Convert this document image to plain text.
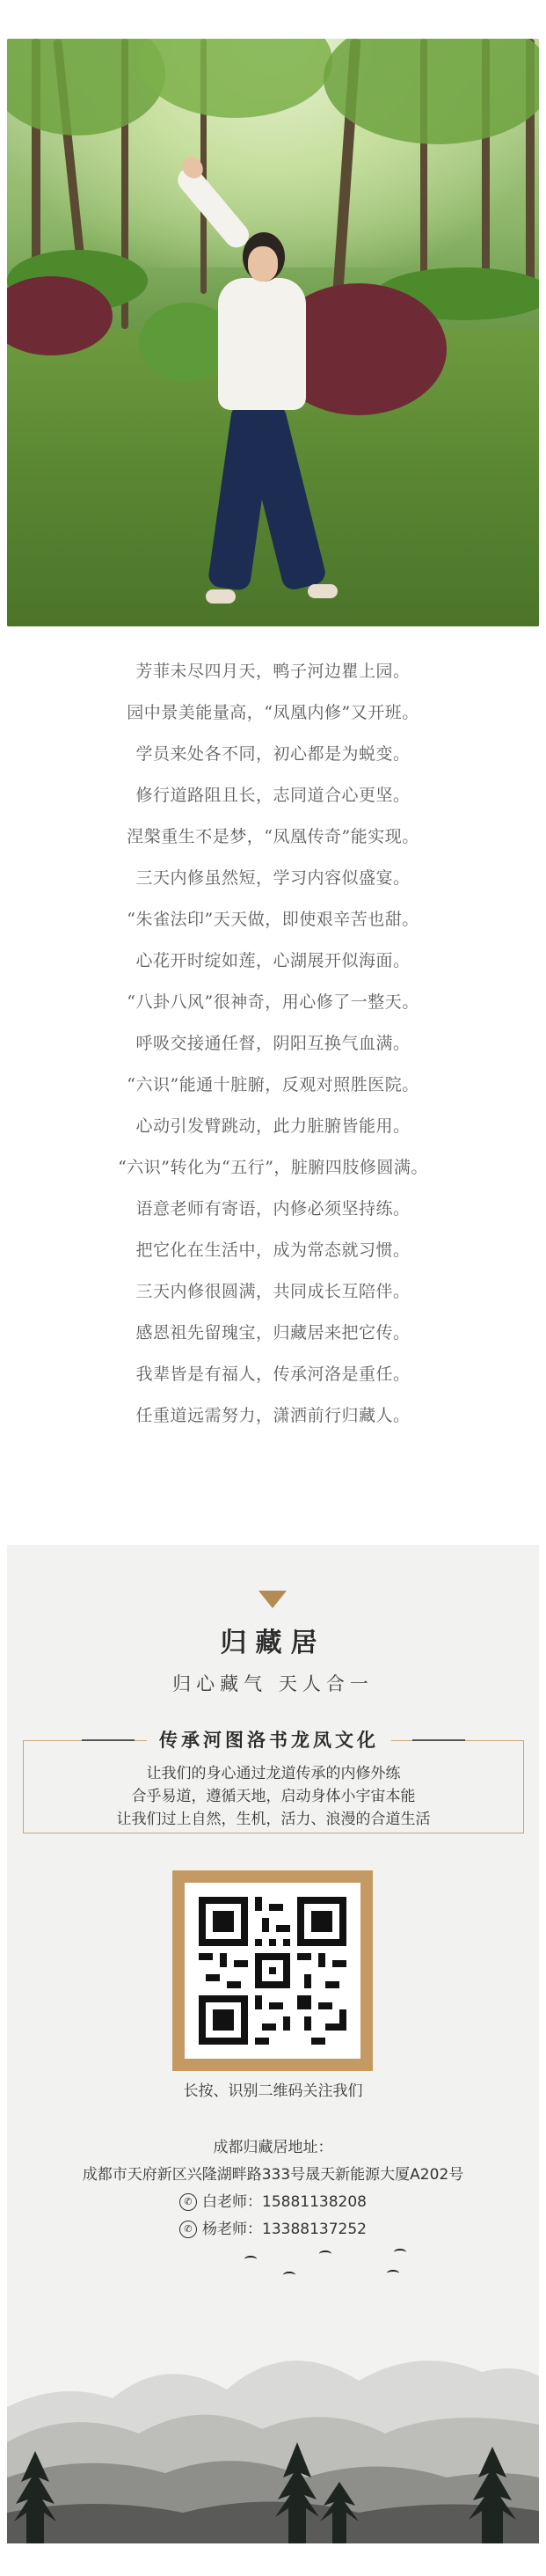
芳菲未尽四月天，鸭子河边瞿上园。
园中景美能量高，“凤凰内修”又开班。
学员来处各不同，初心都是为蜕变。
修行道路阻且长，志同道合心更坚。
涅槃重生不是梦，“凤凰传奇”能实现。
三天内修虽然短，学习内容似盛宴。
“朱雀法印”天天做，即使艰辛苦也甜。
心花开时绽如莲，心湖展开似海面。
“八卦八风”很神奇，用心修了一整天。
呼吸交接通任督，阴阳互换气血满。
“六识”能通十脏腑，反观对照胜医院。
心动引发臂跳动，此力脏腑皆能用。
“六识”转化为“五行”，脏腑四肢修圆满。
语意老师有寄语，内修必须坚持练。
把它化在生活中，成为常态就习惯。
三天内修很圆满，共同成长互陪伴。
感恩祖先留瑰宝，归藏居来把它传。
我辈皆是有福人，传承河洛是重任。
任重道远需努力，潇洒前行归藏人。
归藏居
归心藏气 天人合一
传承河图洛书龙凤文化
让我们的身心通过龙道传承的内修外练
合乎易道，遵循天地，启动身体小宇宙本能
让我们过上自然，生机，活力、浪漫的合道生活
长按、识别二维码关注我们
成都归藏居地址：
成都市天府新区兴隆湖畔路333号晟天新能源大厦A202号
✆ 白老师：15881138208
✆ 杨老师：13388137252
